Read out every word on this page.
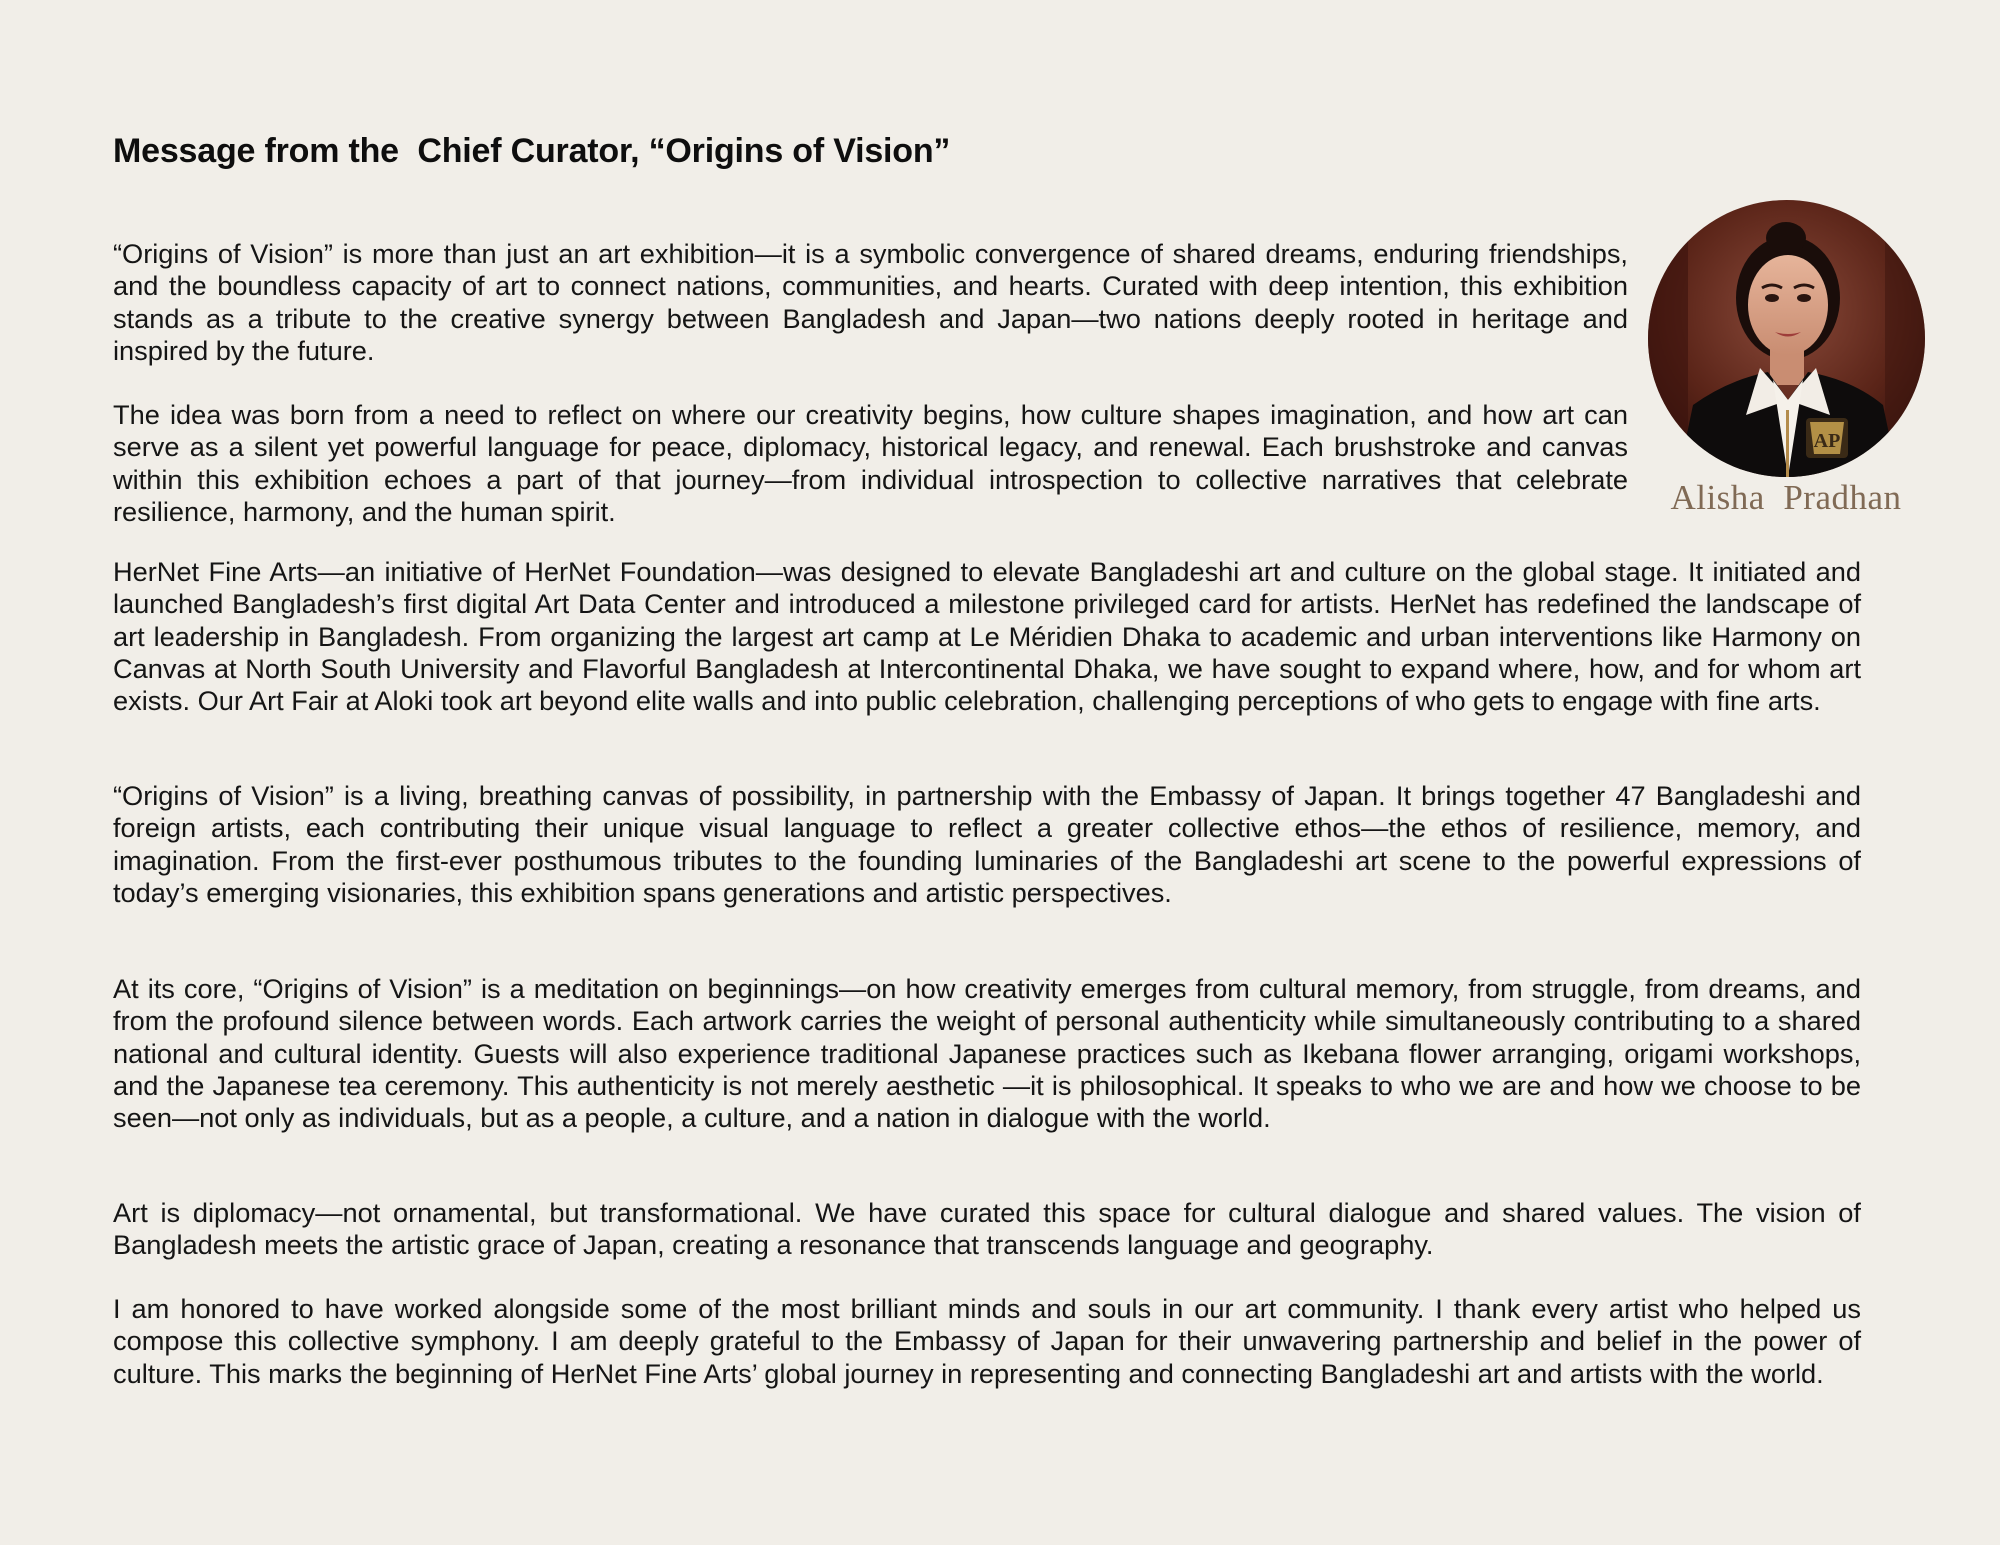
Message from the  Chief Curator, “Origins of Vision”
AP
Alisha  Pradhan

“Origins of Vision” is more than just an art exhibition—it is a symbolic convergence of shared dreams, enduring friendships, and the boundless capacity of art to connect nations, communities, and hearts. Curated with deep intention, this exhibition stands as a tribute to the creative synergy between Bangladesh and Japan—two nations deeply rooted in heritage and inspired by the future.

The idea was born from a need to reflect on where our creativity begins, how culture shapes imagination, and how art can serve as a silent yet powerful language for peace, diplomacy, historical legacy, and renewal. Each brushstroke and canvas within this exhibition echoes a part of that journey—from individual introspection to collective narratives that celebrate resilience, harmony, and the human spirit.

HerNet Fine Arts—an initiative of HerNet Foundation—was designed to elevate Bangladeshi art and culture on the global stage. It initiated and launched Bangladesh’s first digital Art Data Center and introduced a milestone privileged card for artists. HerNet has redefined the landscape of art leadership in Bangladesh. From organizing the largest art camp at Le Méridien Dhaka to academic and urban interventions like Harmony on Canvas at North South University and Flavorful Bangladesh at Intercontinental Dhaka, we have sought to expand where, how, and for whom art exists. Our Art Fair at Aloki took art beyond elite walls and into public celebration, challenging perceptions of who gets to engage with fine arts.

“Origins of Vision” is a living, breathing canvas of possibility, in partnership with the Embassy of Japan. It brings together 47 Bangladeshi and foreign artists, each contributing their unique visual language to reflect a greater collective ethos—the ethos of resilience, memory, and imagination. From the first-ever posthumous tributes to the founding luminaries of the Bangladeshi art scene to the powerful expressions of today’s emerging visionaries, this exhibition spans generations and artistic perspectives.

At its core, “Origins of Vision” is a meditation on beginnings—on how creativity emerges from cultural memory, from struggle, from dreams, and from the profound silence between words. Each artwork carries the weight of personal authenticity while simultaneously contributing to a shared national and cultural identity. Guests will also experience traditional Japanese practices such as Ikebana flower arranging, origami workshops, and the Japanese tea ceremony. This authenticity is not merely aesthetic —it is philosophical. It speaks to who we are and how we choose to be seen—not only as individuals, but as a people, a culture, and a nation in dialogue with the world.

Art is diplomacy—not ornamental, but transformational. We have curated this space for cultural dialogue and shared values. The vision of Bangladesh meets the artistic grace of Japan, creating a resonance that transcends language and geography.

I am honored to have worked alongside some of the most brilliant minds and souls in our art community. I thank every artist who helped us compose this collective symphony. I am deeply grateful to the Embassy of Japan for their unwavering partnership and belief in the power of culture. This marks the beginning of HerNet Fine Arts’ global journey in representing and connecting Bangladeshi art and artists with the world.
